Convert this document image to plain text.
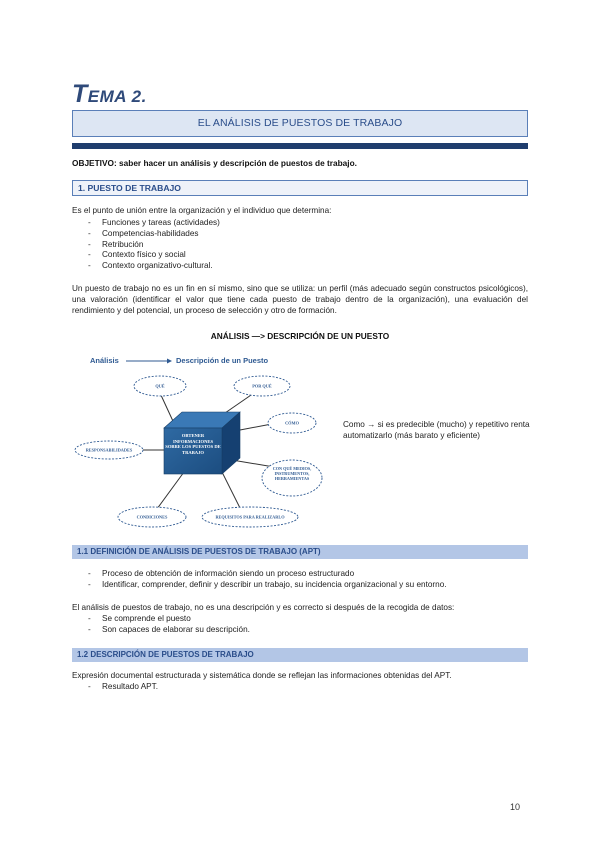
TEMA 2.
EL ANÁLISIS DE PUESTOS DE TRABAJO
OBJETIVO: saber hacer un análisis y descripción de puestos de trabajo.
1. PUESTO DE TRABAJO
Es el punto de unión entre la organización y el individuo que determina:
- Funciones y tareas (actividades)
- Competencias-habilidades
- Retribución
- Contexto físico y social
- Contexto organizativo-cultural.
Un puesto de trabajo no es un fin en sí mismo, sino que se utiliza: un perfil (más adecuado según constructos psicológicos), una valoración (identificar el valor que tiene cada puesto de trabajo dentro de la organización), una evaluación del rendimiento y del potencial, un proceso de selección y otro de formación.
ANÁLISIS —> DESCRIPCIÓN DE UN PUESTO
Análisis	Descripción de un Puesto
OBTENER INFORMACIONES SOBRE LOS PUESTOS DE TRABAJO
QUÉ	POR QUÉ
CÓMO
RESPONSABILIDADES
CONDICIONES	REQUISITOS PARA REALIZARLO
CON QUÉ MEDIOS, INSTRUMENTOS, HERRAMIENTAS
Como → si es predecible (mucho) y repetitivo renta automatizarlo (más barato y eficiente)
1.1 DEFINICIÓN DE ANÁLISIS DE PUESTOS DE TRABAJO (APT)
- Proceso de obtención de información siendo un proceso estructurado
- Identificar, comprender, definir y describir un trabajo, su incidencia organizacional y su entorno.
El análisis de puestos de trabajo, no es una descripción y es correcto si después de la recogida de datos:
- Se comprende el puesto
- Son capaces de elaborar su descripción.
1.2 DESCRIPCIÓN DE PUESTOS DE TRABAJO
Expresión documental estructurada y sistemática donde se reflejan las informaciones obtenidas del APT.
- Resultado APT.
10
